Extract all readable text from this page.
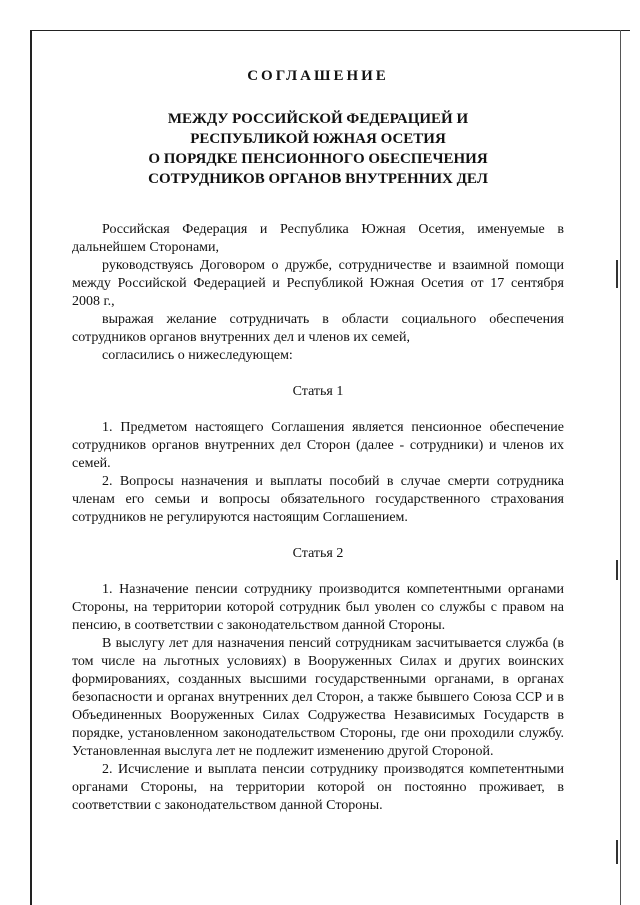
СОГЛАШЕНИЕ
МЕЖДУ РОССИЙСКОЙ ФЕДЕРАЦИЕЙ И
РЕСПУБЛИКОЙ ЮЖНАЯ ОСЕТИЯ
О ПОРЯДКЕ ПЕНСИОННОГО ОБЕСПЕЧЕНИЯ
СОТРУДНИКОВ ОРГАНОВ ВНУТРЕННИХ ДЕЛ

Российская Федерация и Республика Южная Осетия, именуемые в дальнейшем Сторонами,

руководствуясь Договором о дружбе, сотрудничестве и взаимной помощи между Российской Федерацией и Республикой Южная Осетия от 17 сентября 2008 г.,

выражая желание сотрудничать в области социального обеспечения сотрудников органов внутренних дел и членов их семей,

согласились о нижеследующем:

Статья 1

1. Предметом настоящего Соглашения является пенсионное обеспечение сотрудников органов внутренних дел Сторон (далее - сотрудники) и членов их семей.

2. Вопросы назначения и выплаты пособий в случае смерти сотрудника членам его семьи и вопросы обязательного государственного страхования сотрудников не регулируются настоящим Соглашением.

Статья 2

1. Назначение пенсии сотруднику производится компетентными органами Стороны, на территории которой сотрудник был уволен со службы с правом на пенсию, в соответствии с законодательством данной Стороны.

В выслугу лет для назначения пенсий сотрудникам засчитывается служба (в том числе на льготных условиях) в Вооруженных Силах и других воинских формированиях, созданных высшими государственными органами, в органах безопасности и органах внутренних дел Сторон, а также бывшего Союза ССР и в Объединенных Вооруженных Силах Содружества Независимых Государств в порядке, установленном законодательством Стороны, где они проходили службу. Установленная выслуга лет не подлежит изменению другой Стороной.

2. Исчисление и выплата пенсии сотруднику производятся компетентными органами Стороны, на территории которой он постоянно проживает, в соответствии с законодательством данной Стороны.
